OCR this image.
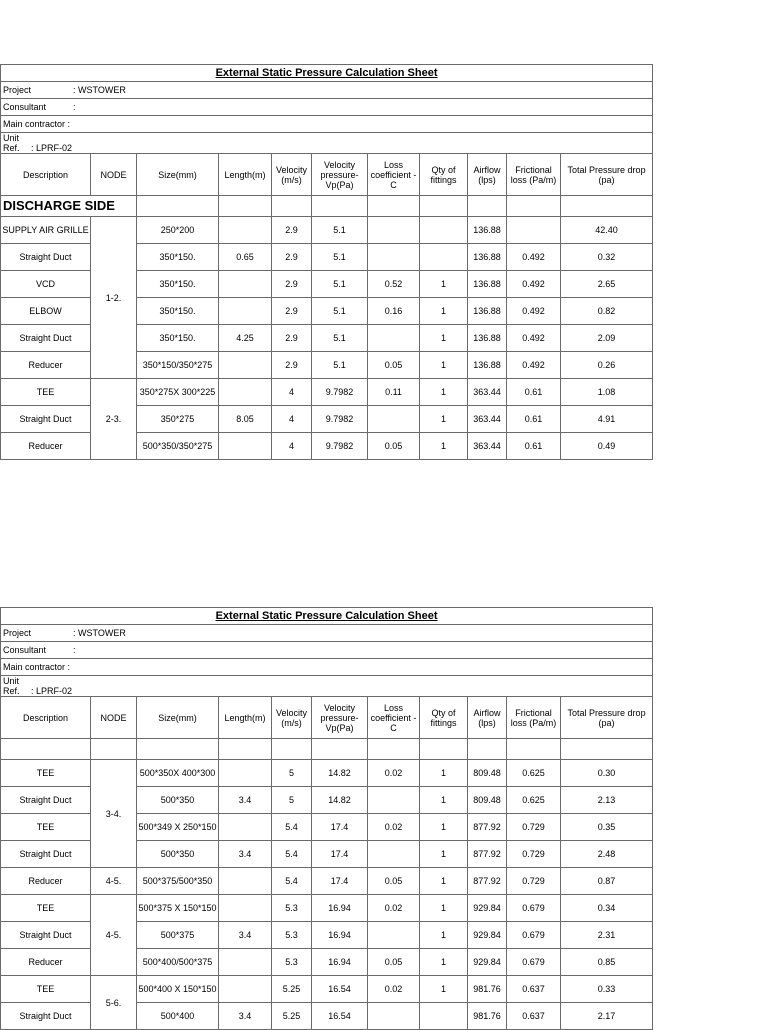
External Static Pressure Calculation Sheet										
Project : WSTOWER										
Consultant :										
Main contractor :										
Unit Ref. : LPRF-02										
Description	NODE	Size(mm)	Length(m)	Velocity (m/s)	Velocity pressure-Vp(Pa)	Loss coefficient -C	Qty of fittings	Airflow (lps)	Frictional loss (Pa/m)	Total Pressure drop (pa)
DISCHARGE SIDE										
SUPPLY AIR GRILLE	1-2.	250*200		2.9	5.1			136.88		42.40
Straight Duct		350*150.	0.65	2.9	5.1			136.88	0.492	0.32
VCD		350*150.		2.9	5.1	0.52	1	136.88	0.492	2.65
ELBOW		350*150.		2.9	5.1	0.16	1	136.88	0.492	0.82
Straight Duct		350*150.	4.25	2.9	5.1		1	136.88	0.492	2.09
Reducer		350*150/350*275		2.9	5.1	0.05	1	136.88	0.492	0.26
TEE	2-3.	350*275X 300*225		4	9.7982	0.11	1	363.44	0.61	1.08
Straight Duct		350*275	8.05	4	9.7982		1	363.44	0.61	4.91
Reducer		500*350/350*275		4	9.7982	0.05	1	363.44	0.61	0.49
External Static Pressure Calculation Sheet										
Project : WSTOWER										
Consultant :										
Main contractor :										
Unit Ref. : LPRF-02										
Description	NODE	Size(mm)	Length(m)	Velocity (m/s)	Velocity pressure-Vp(Pa)	Loss coefficient -C	Qty of fittings	Airflow (lps)	Frictional loss (Pa/m)	Total Pressure drop (pa)

TEE	3-4.	500*350X 400*300		5	14.82	0.02	1	809.48	0.625	0.30
Straight Duct		500*350	3.4	5	14.82		1	809.48	0.625	2.13
TEE		500*349 X 250*150		5.4	17.4	0.02	1	877.92	0.729	0.35
Straight Duct		500*350	3.4	5.4	17.4		1	877.92	0.729	2.48
Reducer	4-5.	500*375/500*350		5.4	17.4	0.05	1	877.92	0.729	0.87
TEE	4-5.	500*375 X 150*150		5.3	16.94	0.02	1	929.84	0.679	0.34
Straight Duct		500*375	3.4	5.3	16.94		1	929.84	0.679	2.31
Reducer		500*400/500*375		5.3	16.94	0.05	1	929.84	0.679	0.85
TEE	5-6.	500*400 X 150*150		5.25	16.54	0.02	1	981.76	0.637	0.33
Straight Duct		500*400	3.4	5.25	16.54			981.76	0.637	2.17
